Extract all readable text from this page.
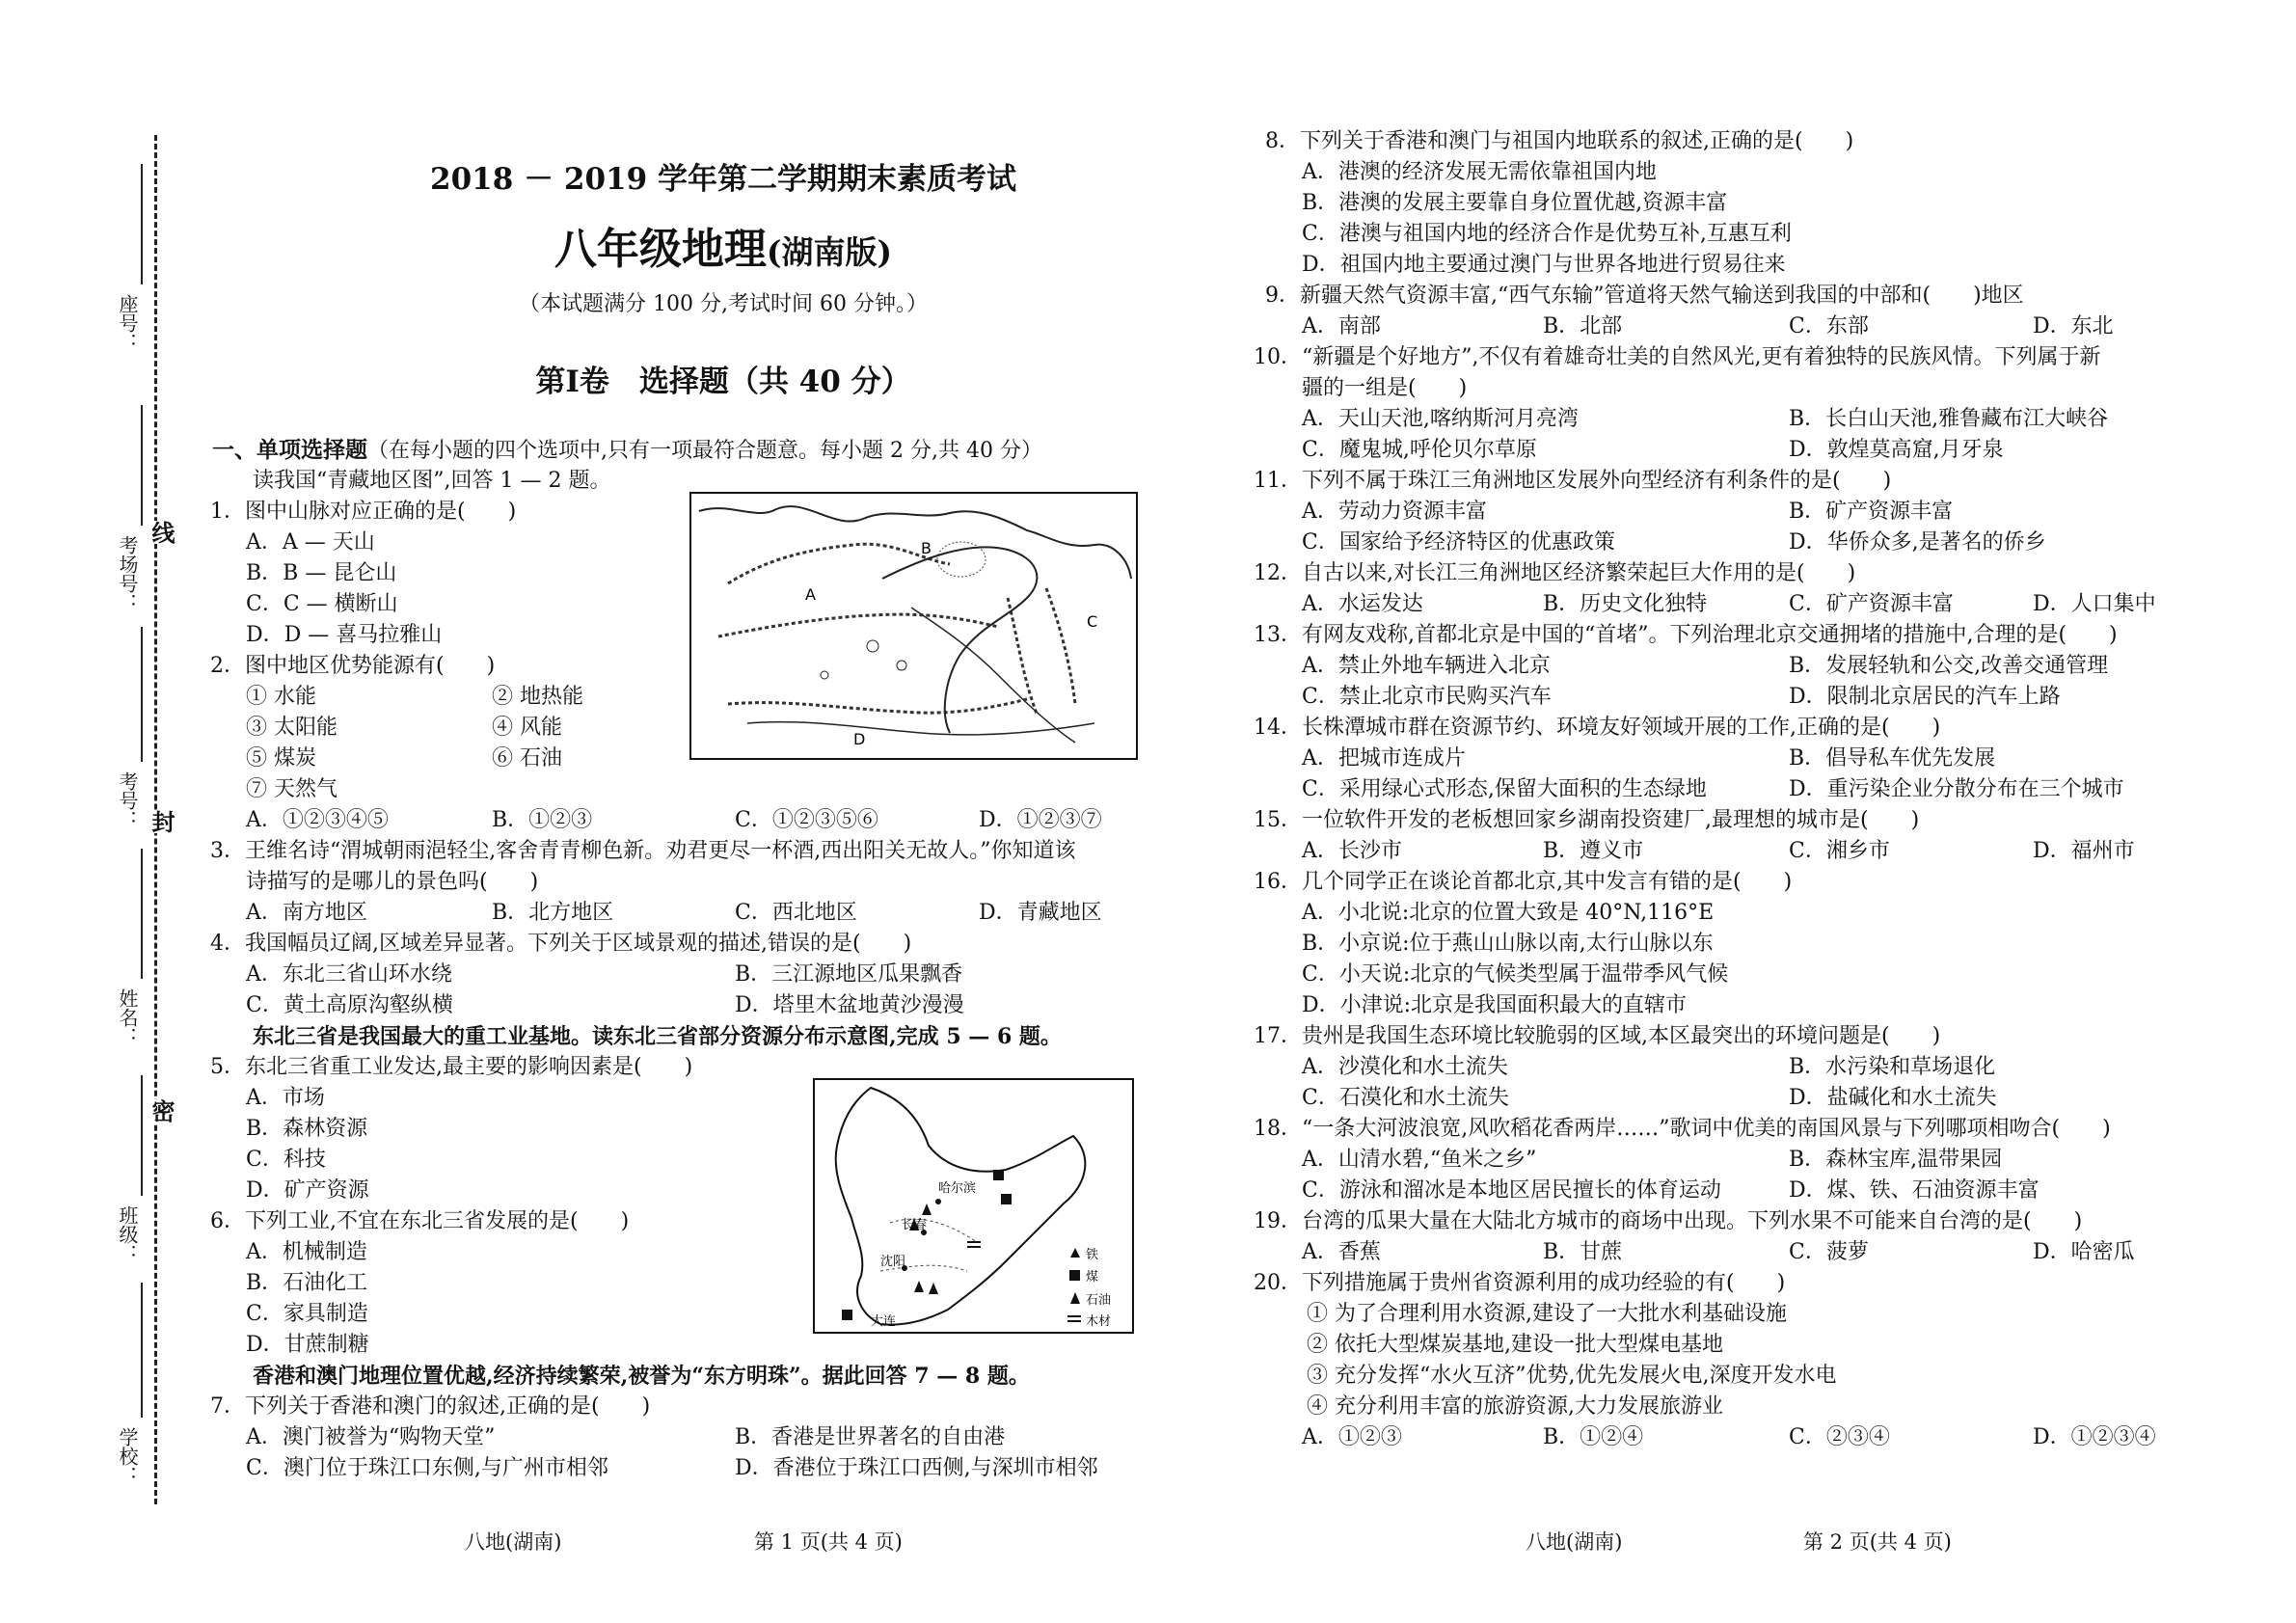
座号：
考场号：
考号：
姓名：
班级：
学校：
线
封
密
2018 － 2019 学年第二学期期末素质考试
八年级地理(湖南版)
（本试题满分 100 分,考试时间 60 分钟。）
第Ⅰ卷　选择题（共 40 分）
一、单项选择题（在每小题的四个选项中,只有一项最符合题意。每小题 2 分,共 40 分）
读我国“青藏地区图”,回答 1 — 2 题。
1．图中山脉对应正确的是(　　)
A．A — 天山
B．B — 昆仑山
C．C — 横断山
D．D — 喜马拉雅山
2．图中地区优势能源有(　　)
① 水能	② 地热能
③ 太阳能	④ 风能
⑤ 煤炭	⑥ 石油
⑦ 天然气
A．①②③④⑤	B．①②③	C．①②③⑤⑥	D．①②③⑦
3．王维名诗“渭城朝雨浥轻尘,客舍青青柳色新。劝君更尽一杯酒,西出阳关无故人。”你知道该
诗描写的是哪儿的景色吗(　　)
A．南方地区	B．北方地区	C．西北地区	D．青藏地区
4．我国幅员辽阔,区域差异显著。下列关于区域景观的描述,错误的是(　　)
A．东北三省山环水绕	B．三江源地区瓜果飘香
C．黄土高原沟壑纵横	D．塔里木盆地黄沙漫漫
东北三省是我国最大的重工业基地。读东北三省部分资源分布示意图,完成 5 — 6 题。
5．东北三省重工业发达,最主要的影响因素是(　　)
A．市场
B．森林资源
C．科技
D．矿产资源
6．下列工业,不宜在东北三省发展的是(　　)
A．机械制造
B．石油化工
C．家具制造
D．甘蔗制糖
香港和澳门地理位置优越,经济持续繁荣,被誉为“东方明珠”。据此回答 7 — 8 题。
7．下列关于香港和澳门的叙述,正确的是(　　)
A．澳门被誉为“购物天堂”	B．香港是世界著名的自由港
C．澳门位于珠江口东侧,与广州市相邻	D．香港位于珠江口西侧,与深圳市相邻
A
B
C
D
哈尔滨
长春
沈阳
大连
铁
煤
石油
木材
8．下列关于香港和澳门与祖国内地联系的叙述,正确的是(　　)
A．港澳的经济发展无需依靠祖国内地
B．港澳的发展主要靠自身位置优越,资源丰富
C．港澳与祖国内地的经济合作是优势互补,互惠互利
D．祖国内地主要通过澳门与世界各地进行贸易往来
9．新疆天然气资源丰富,“西气东输”管道将天然气输送到我国的中部和(　　)地区
A．南部	B．北部	C．东部	D．东北
10．“新疆是个好地方”,不仅有着雄奇壮美的自然风光,更有着独特的民族风情。下列属于新
疆的一组是(　　)
A．天山天池,喀纳斯河月亮湾	B．长白山天池,雅鲁藏布江大峡谷
C．魔鬼城,呼伦贝尔草原	D．敦煌莫高窟,月牙泉
11．下列不属于珠江三角洲地区发展外向型经济有利条件的是(　　)
A．劳动力资源丰富	B．矿产资源丰富
C．国家给予经济特区的优惠政策	D．华侨众多,是著名的侨乡
12．自古以来,对长江三角洲地区经济繁荣起巨大作用的是(　　)
A．水运发达	B．历史文化独特	C．矿产资源丰富	D．人口集中
13．有网友戏称,首都北京是中国的“首堵”。下列治理北京交通拥堵的措施中,合理的是(　　)
A．禁止外地车辆进入北京	B．发展轻轨和公交,改善交通管理
C．禁止北京市民购买汽车	D．限制北京居民的汽车上路
14．长株潭城市群在资源节约、环境友好领域开展的工作,正确的是(　　)
A．把城市连成片	B．倡导私车优先发展
C．采用绿心式形态,保留大面积的生态绿地	D．重污染企业分散分布在三个城市
15．一位软件开发的老板想回家乡湖南投资建厂,最理想的城市是(　　)
A．长沙市	B．遵义市	C．湘乡市	D．福州市
16．几个同学正在谈论首都北京,其中发言有错的是(　　)
A．小北说:北京的位置大致是 40°N,116°E
B．小京说:位于燕山山脉以南,太行山脉以东
C．小天说:北京的气候类型属于温带季风气候
D．小津说:北京是我国面积最大的直辖市
17．贵州是我国生态环境比较脆弱的区域,本区最突出的环境问题是(　　)
A．沙漠化和水土流失	B．水污染和草场退化
C．石漠化和水土流失	D．盐碱化和水土流失
18．“一条大河波浪宽,风吹稻花香两岸……”歌词中优美的南国风景与下列哪项相吻合(　　)
A．山清水碧,“鱼米之乡”	B．森林宝库,温带果园
C．游泳和溜冰是本地区居民擅长的体育运动	D．煤、铁、石油资源丰富
19．台湾的瓜果大量在大陆北方城市的商场中出现。下列水果不可能来自台湾的是(　　)
A．香蕉	B．甘蔗	C．菠萝	D．哈密瓜
20．下列措施属于贵州省资源利用的成功经验的有(　　)
① 为了合理利用水资源,建设了一大批水利基础设施
② 依托大型煤炭基地,建设一批大型煤电基地
③ 充分发挥“水火互济”优势,优先发展火电,深度开发水电
④ 充分利用丰富的旅游资源,大力发展旅游业
A．①②③	B．①②④	C．②③④	D．①②③④
八地(湖南)	第 1 页(共 4 页)	八地(湖南)	第 2 页(共 4 页)
